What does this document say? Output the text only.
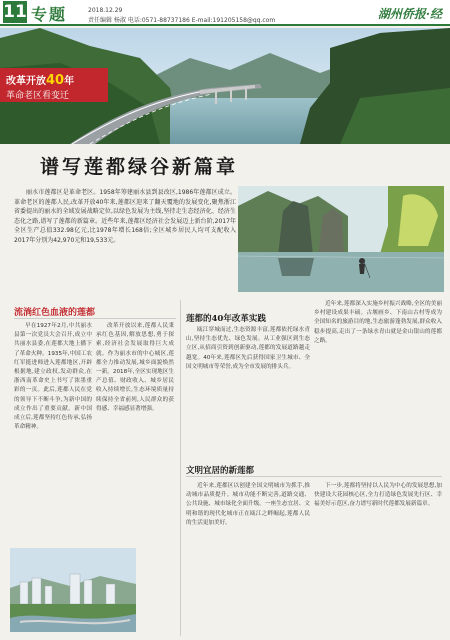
11 专题	2018.12.29
责任编辑 杨淑 电话:0571-88737186 E-mail:191205158@qq.com	湖州侨报·经
改革开放40年
革命老区看变迁
谱写莲都绿谷新篇章
丽水市莲都区是革命老区。1958年筹建丽水县到县改区,1986年莲都区成立。革命老区的莲都人民,改革开放40年来,莲都区迎来了翻天覆地的发展变化,聚焦浙江省委提出的丽水的全域发展战略定位,以绿色发展为主线,坚持走生态经济化、经济生态化之路,谱写了莲都的新篇章。近些年来,莲都区经济社会发展迈上新台阶,2017年全区生产总值332.98亿元,比1978年增长168倍;全区城乡居民人均可支配收入2017年分别为42,970元和19,533元。
流淌红色血液的莲都
早在1927年2月,中共丽水县第一次党员大会召开,成立中共丽水县委,在莲都大地上播下了革命火种。1935年,中国工农红军挺进师进入莲都地区,开辟根据地,建立政权,发动群众,在浙西南革命史上书写了浓墨重彩的一页。此后,莲都人民在党的领导下不断斗争,为新中国的成立作出了重要贡献。新中国成立后,莲都坚持红色传承,弘扬革命精神。
改革开放以来,莲都人民秉承红色基因,解放思想,勇于探索,经济社会发展取得巨大成就。作为丽水市的中心城区,莲都全力推动发展,城乡面貌焕然一新。2018年,全区实现地区生产总值、财政收入、城乡居民收入持续增长,生态环境质量持续保持全省前列,人民群众的获得感、幸福感显著增强。
莲都的40年改革实践
瓯江穿城而过,生态资源丰富,莲都依托绿水青山,坚持生态优先、绿色发展。从工业强区到生态立区,从招商引资到创新驱动,莲都的发展道路越走越宽。40年来,莲都区先后获得国家卫生城市、全国文明城市等荣誉,成为全市发展的排头兵。
近年来,莲都深入实施乡村振兴战略,全区的美丽乡村建设成果丰硕。古堰画乡、下南山古村等成为全国知名的旅游目的地,生态旅游蓬勃发展,群众收入稳步提高,走出了一条绿水青山就是金山银山的莲都之路。
文明宜居的新莲都
近年来,莲都区以创建全国文明城市为抓手,推动城市品质提升。城市功能不断完善,道路交通、公共设施、城市绿化全面升级。一座生态宜居、文明和谐的现代化城市正在瓯江之畔崛起,莲都人民的生活更加美好。
下一步,莲都将坚持以人民为中心的发展思想,加快建设大花园核心区,全力打造绿色发展先行区、幸福美好示范区,奋力谱写新时代莲都发展新篇章。
